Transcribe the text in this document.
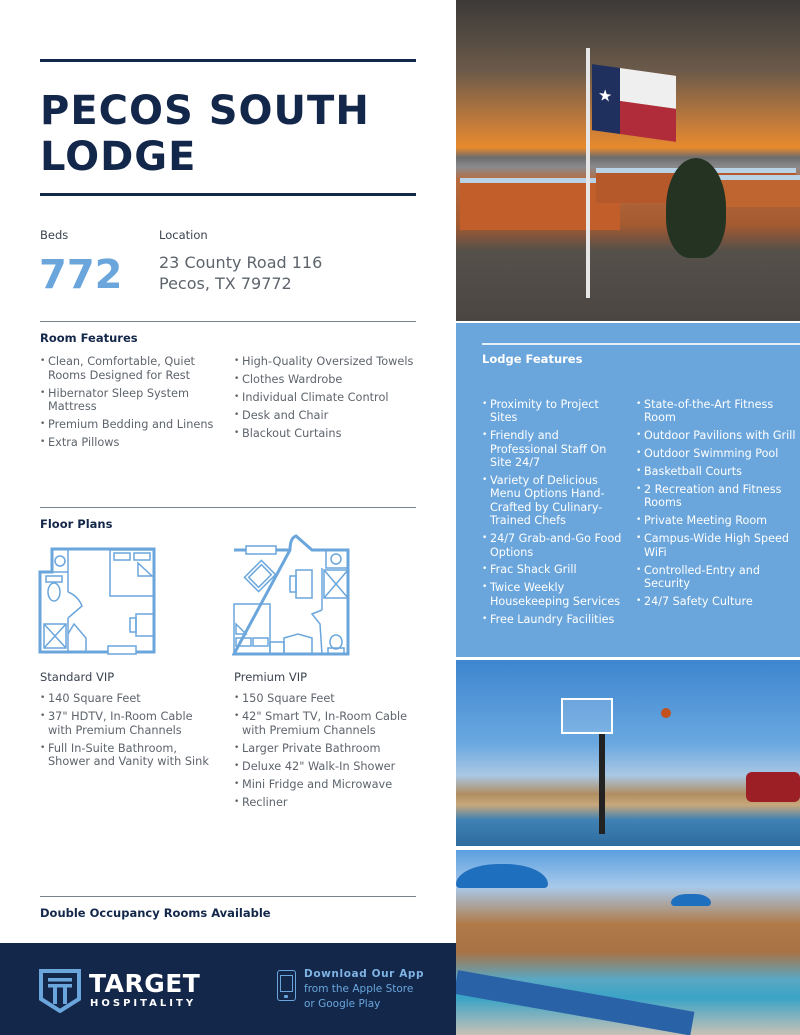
PECOS SOUTH
LODGE
Beds
772
Location
23 County Road 116
Pecos, TX 79772
Room Features
• Clean, Comfortable, Quiet Rooms Designed for Rest
• Hibernator Sleep System Mattress
• Premium Bedding and Linens
• Extra Pillows
• High-Quality Oversized Towels
• Clothes Wardrobe
• Individual Climate Control
• Desk and Chair
• Blackout Curtains
Floor Plans
Standard VIP	Premium VIP
• 140 Square Feet
• 37" HDTV, In-Room Cable with Premium Channels
• Full In-Suite Bathroom, Shower and Vanity with Sink
• 150 Square Feet
• 42" Smart TV, In-Room Cable with Premium Channels
• Larger Private Bathroom
• Deluxe 42" Walk-In Shower
• Mini Fridge and Microwave
• Recliner
Double Occupancy Rooms Available
TARGET
HOSPITALITY
Download Our App
from the Apple Store
or Google Play
★
Lodge Features
• Proximity to Project Sites
• Friendly and Professional Staff On Site 24/7
• Variety of Delicious Menu Options Hand-Crafted by Culinary-Trained Chefs
• 24/7 Grab-and-Go Food Options
• Frac Shack Grill
• Twice Weekly Housekeeping Services
• Free Laundry Facilities
• State-of-the-Art Fitness Room
• Outdoor Pavilions with Grill
• Outdoor Swimming Pool
• Basketball Courts
• 2 Recreation and Fitness Rooms
• Private Meeting Room
• Campus-Wide High Speed WiFi
• Controlled-Entry and Security
• 24/7 Safety Culture
